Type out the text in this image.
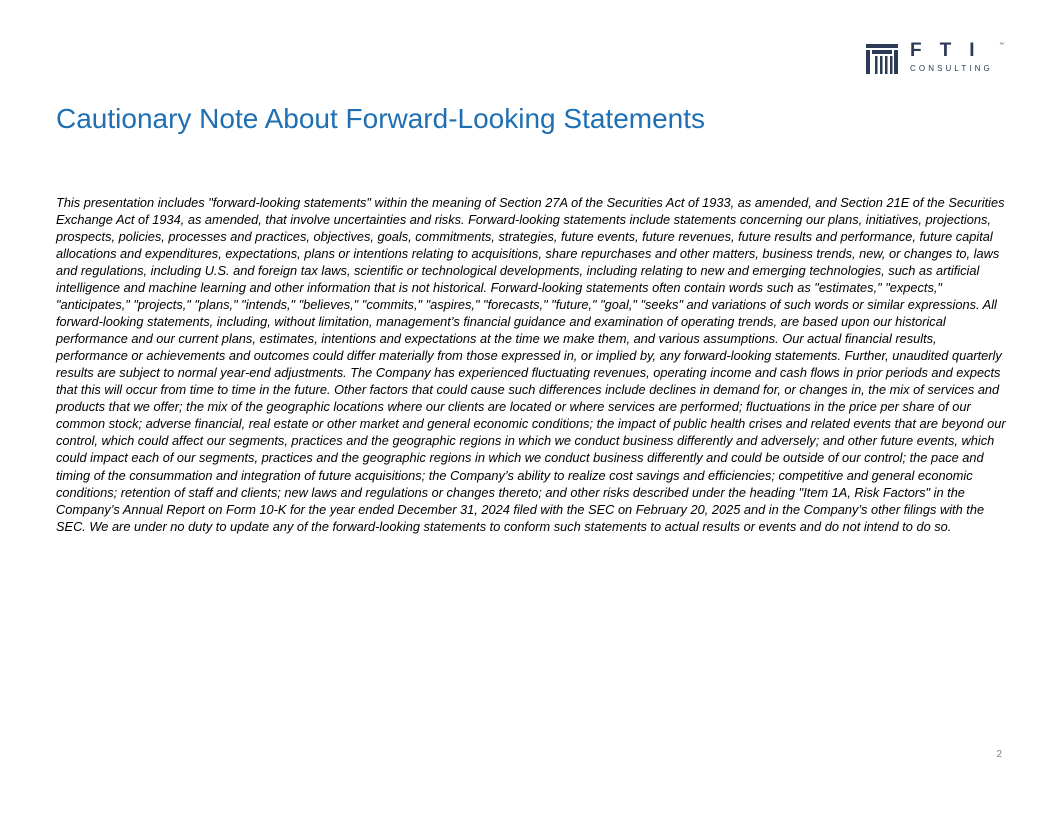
FTI ™
CONSULTING
Cautionary Note About Forward-Looking Statements

This presentation includes "forward-looking statements" within the meaning of Section 27A of the Securities Act of 1933, as amended, and Section 21E of the Securities Exchange Act of 1934, as amended, that involve uncertainties and risks. Forward-looking statements include statements concerning our plans, initiatives, projections, prospects, policies, processes and practices, objectives, goals, commitments, strategies, future events, future revenues, future results and performance, future capital allocations and expenditures, expectations, plans or intentions relating to acquisitions, share repurchases and other matters, business trends, new, or changes to, laws and regulations, including U.S. and foreign tax laws, scientific or technological developments, including relating to new and emerging technologies, such as artificial intelligence and machine learning and other information that is not historical. Forward-looking statements often contain words such as "estimates," "expects," "anticipates," "projects," "plans," "intends," "believes," "commits," "aspires," "forecasts," "future," "goal," "seeks" and variations of such words or similar expressions. All forward-looking statements, including, without limitation, management’s financial guidance and examination of operating trends, are based upon our historical performance and our current plans, estimates, intentions and expectations at the time we make them, and various assumptions. Our actual financial results, performance or achievements and outcomes could differ materially from those expressed in, or implied by, any forward-looking statements. Further, unaudited quarterly results are subject to normal year-end adjustments. The Company has experienced fluctuating revenues, operating income and cash flows in prior periods and expects that this will occur from time to time in the future. Other factors that could cause such differences include declines in demand for, or changes in, the mix of services and products that we offer; the mix of the geographic locations where our clients are located or where services are performed; fluctuations in the price per share of our common stock; adverse financial, real estate or other market and general economic conditions; the impact of public health crises and related events that are beyond our control, which could affect our segments, practices and the geographic regions in which we conduct business differently and adversely; and other future events, which could impact each of our segments, practices and the geographic regions in which we conduct business differently and could be outside of our control; the pace and timing of the consummation and integration of future acquisitions; the Company’s ability to realize cost savings and efficiencies; competitive and general economic conditions; retention of staff and clients; new laws and regulations or changes thereto; and other risks described under the heading "Item 1A, Risk Factors" in the Company’s Annual Report on Form 10-K for the year ended December 31, 2024 filed with the SEC on February 20, 2025 and in the Company’s other filings with the SEC. We are under no duty to update any of the forward-looking statements to conform such statements to actual results or events and do not intend to do so.

2
